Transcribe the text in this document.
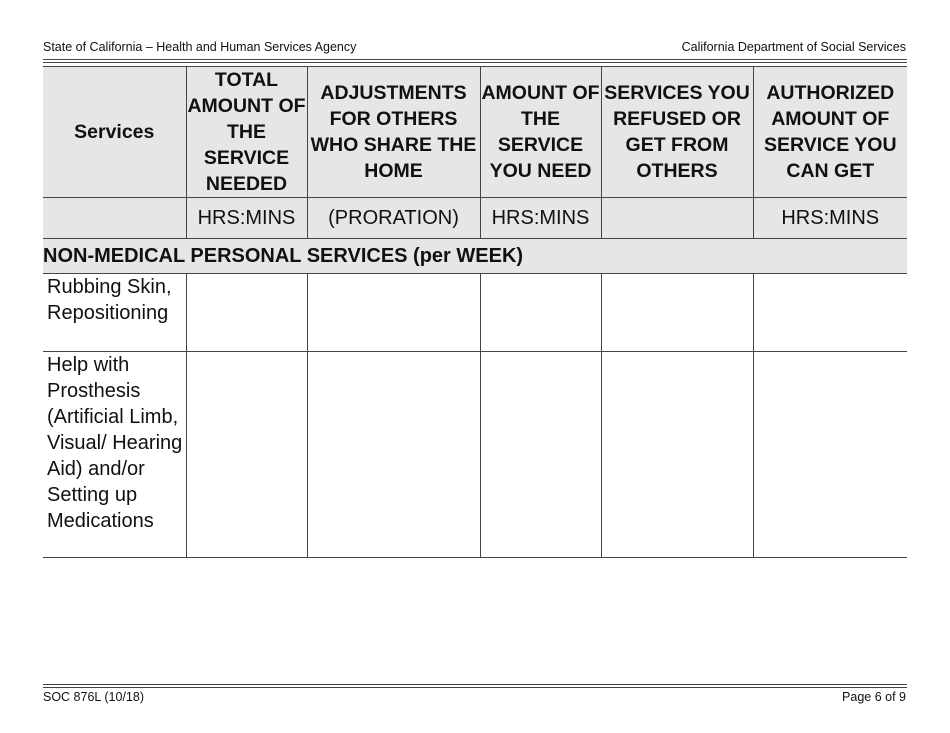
State of California – Health and Human Services Agency	California Department of Social Services
Services	TOTAL AMOUNT OF THE SERVICE NEEDED	ADJUSTMENTS FOR OTHERS WHO SHARE THE HOME	AMOUNT OF THE SERVICE YOU NEED	SERVICES YOU REFUSED OR GET FROM OTHERS	AUTHORIZED AMOUNT OF SERVICE YOU CAN GET
	HRS:MINS	(PRORATION)	HRS:MINS		HRS:MINS
NON-MEDICAL PERSONAL SERVICES (per WEEK)					
Rubbing Skin, Repositioning					
Help with Prosthesis (Artificial Limb, Visual/ Hearing Aid) and/or Setting up Medications					
SOC 876L (10/18)	Page 6 of 9
